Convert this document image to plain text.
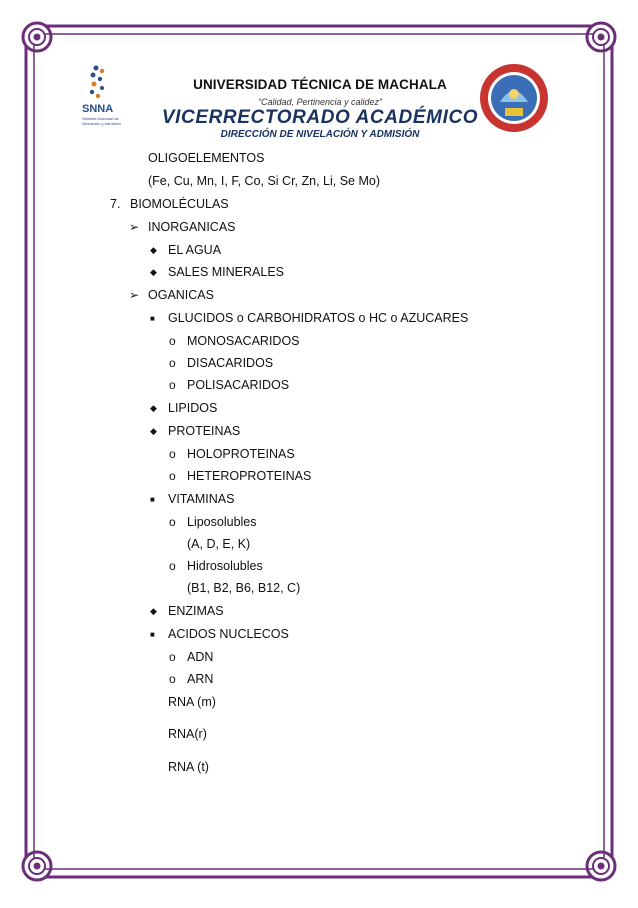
SNNA
Sistema Nacional de
Nivelación y Admisión
UNIVERSIDAD TÉCNICA DE MACHALA
“Calidad, Pertinencia y calidez”
VICERRECTORADO ACADÉMICO
DIRECCIÓN DE NIVELACIÓN Y ADMISIÓN
OLIGOELEMENTOS
(Fe, Cu, Mn, I, F, Co, Si Cr, Zn, Li, Se Mo)
7. BIOMOLÉCULAS
➢ INORGANICAS
◆ EL AGUA
◆ SALES MINERALES
➢ OGANICAS
■ GLUCIDOS o CARBOHIDRATOS o HC o AZUCARES
o MONOSACARIDOS
o DISACARIDOS
o POLISACARIDOS
◆ LIPIDOS
◆ PROTEINAS
o HOLOPROTEINAS
o HETEROPROTEINAS
■ VITAMINAS
o Liposolubles
(A, D, E, K)
o Hidrosolubles
(B1, B2, B6, B12, C)
◆ ENZIMAS
■ ACIDOS NUCLECOS
o ADN
o ARN
RNA (m)
RNA(r)
RNA (t)
